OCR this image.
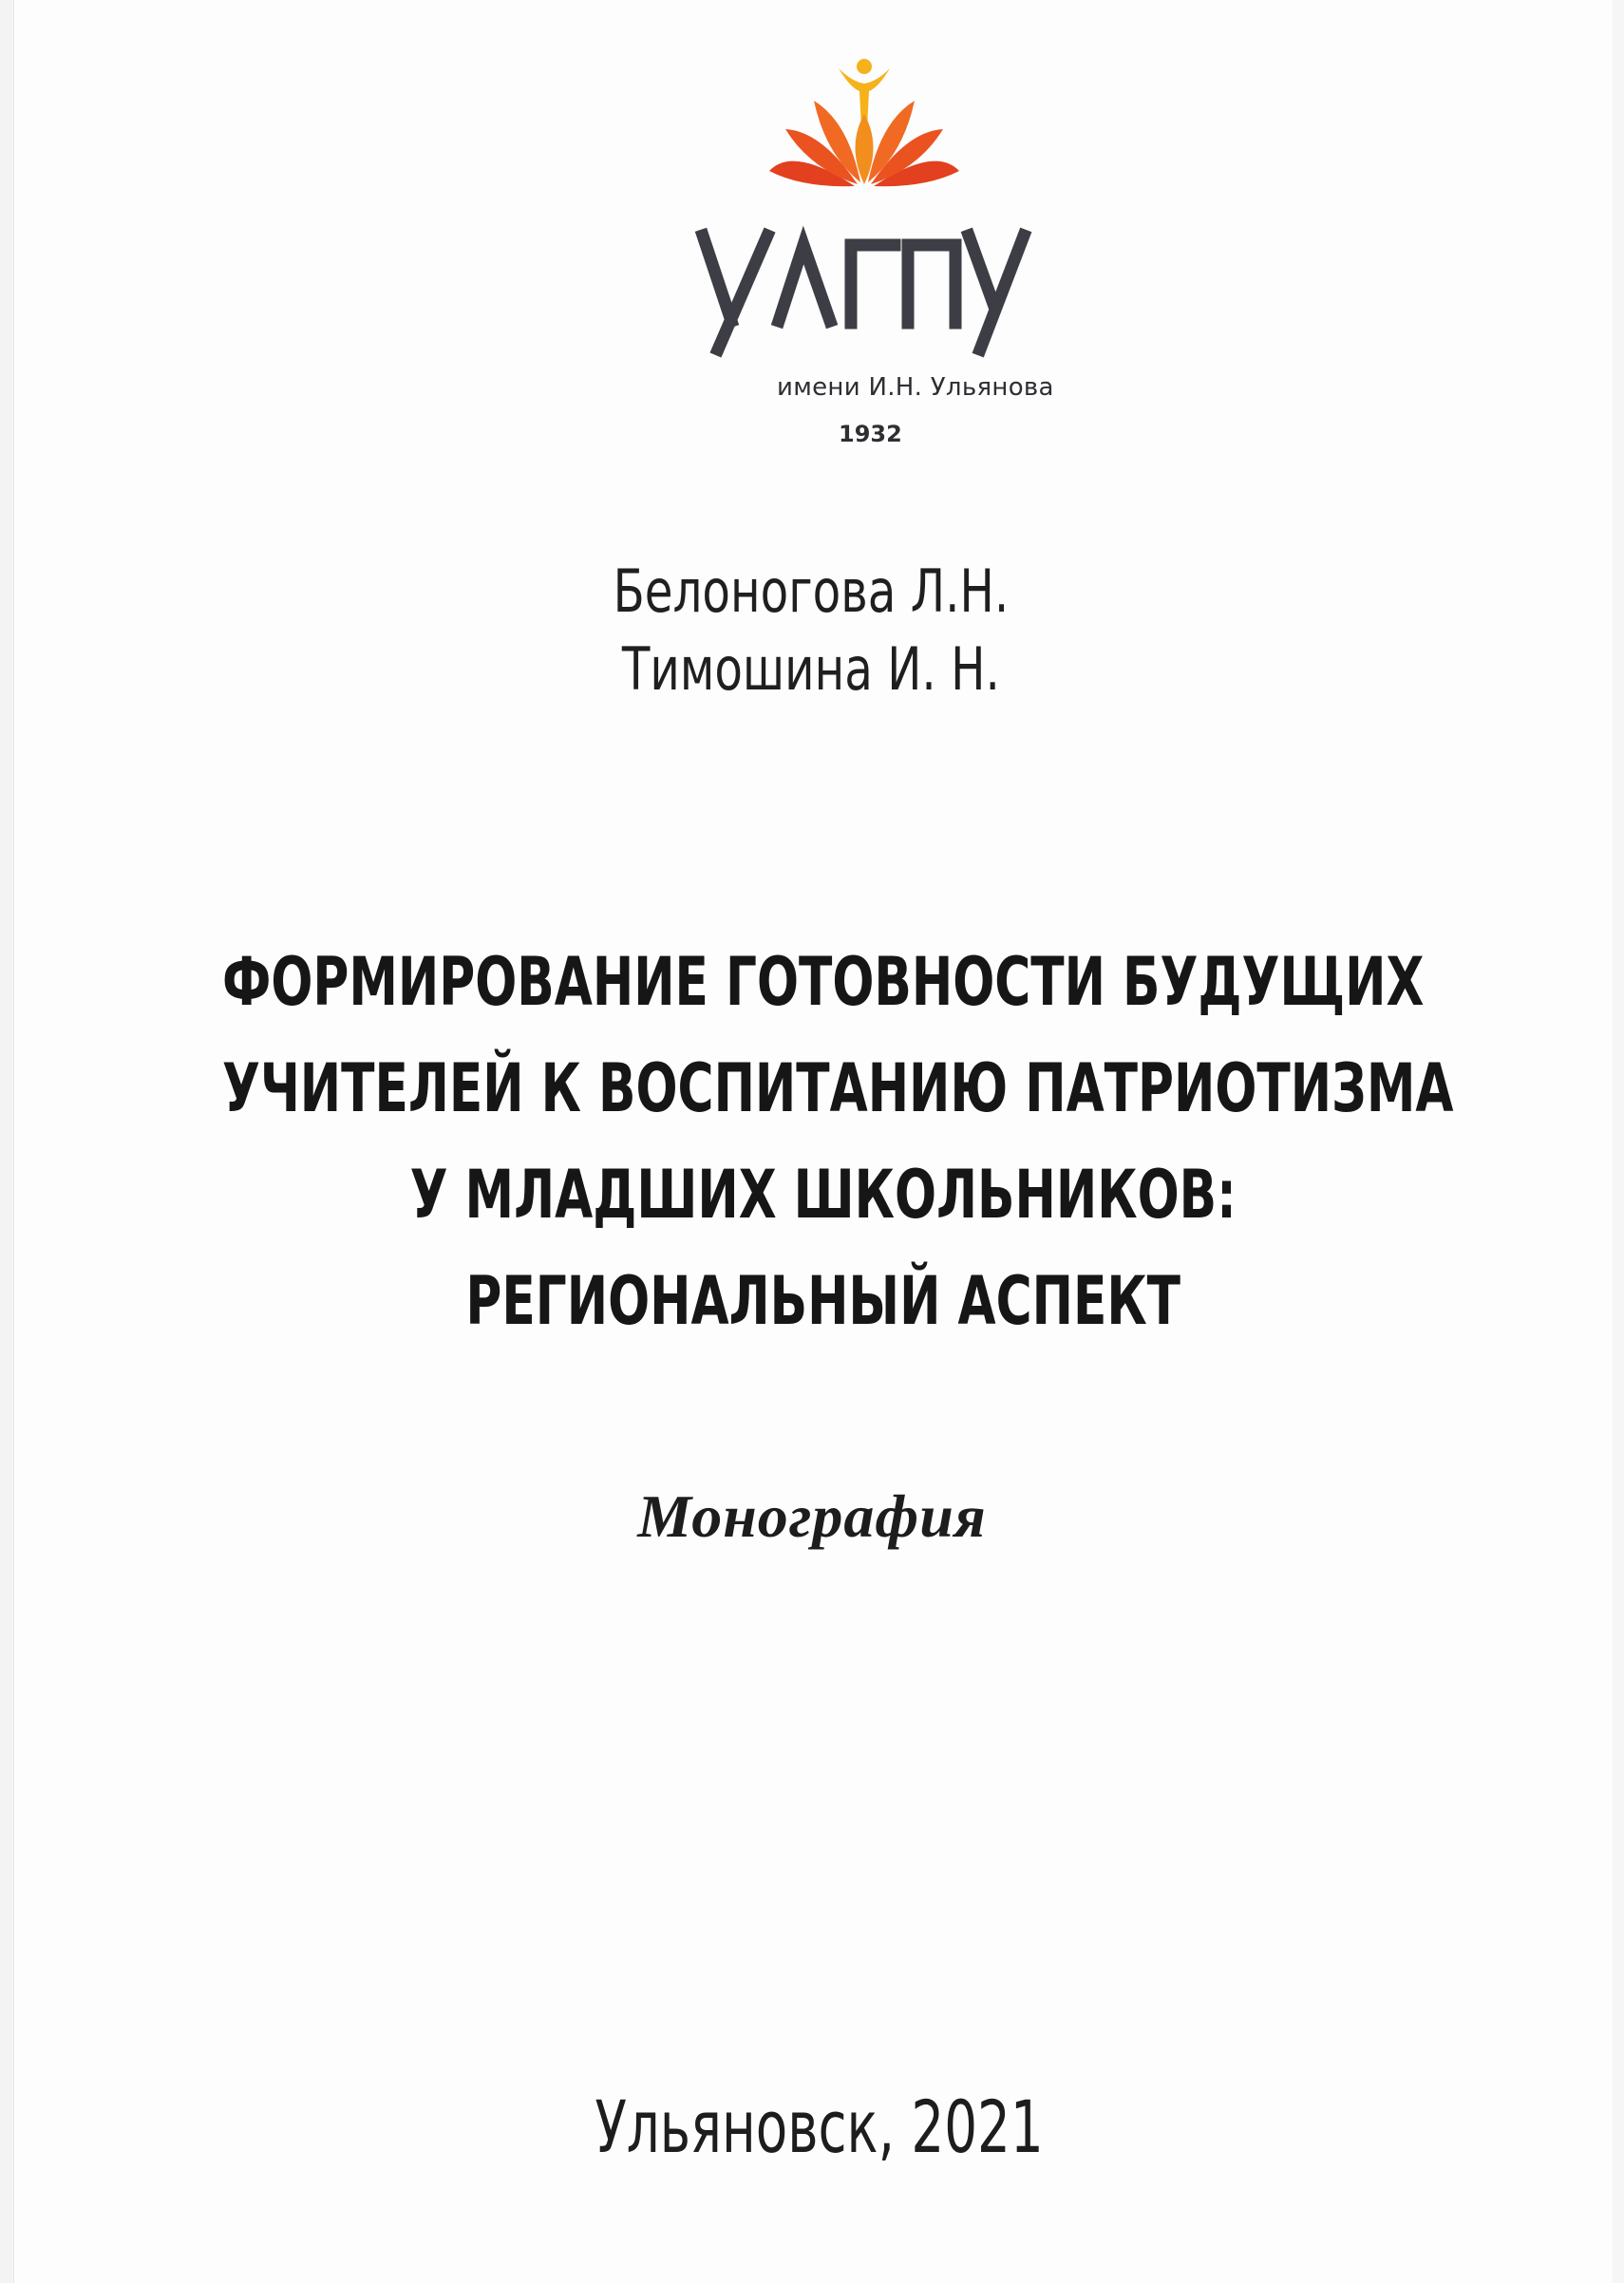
имени И.Н. Ульянова
1932
Белоногова Л.Н.
Тимошина И. Н.
ФОРМИРОВАНИЕ ГОТОВНОСТИ БУДУЩИХ
УЧИТЕЛЕЙ К ВОСПИТАНИЮ ПАТРИОТИЗМА
У МЛАДШИХ ШКОЛЬНИКОВ:
РЕГИОНАЛЬНЫЙ АСПЕКТ
Монография
Ульяновск, 2021
